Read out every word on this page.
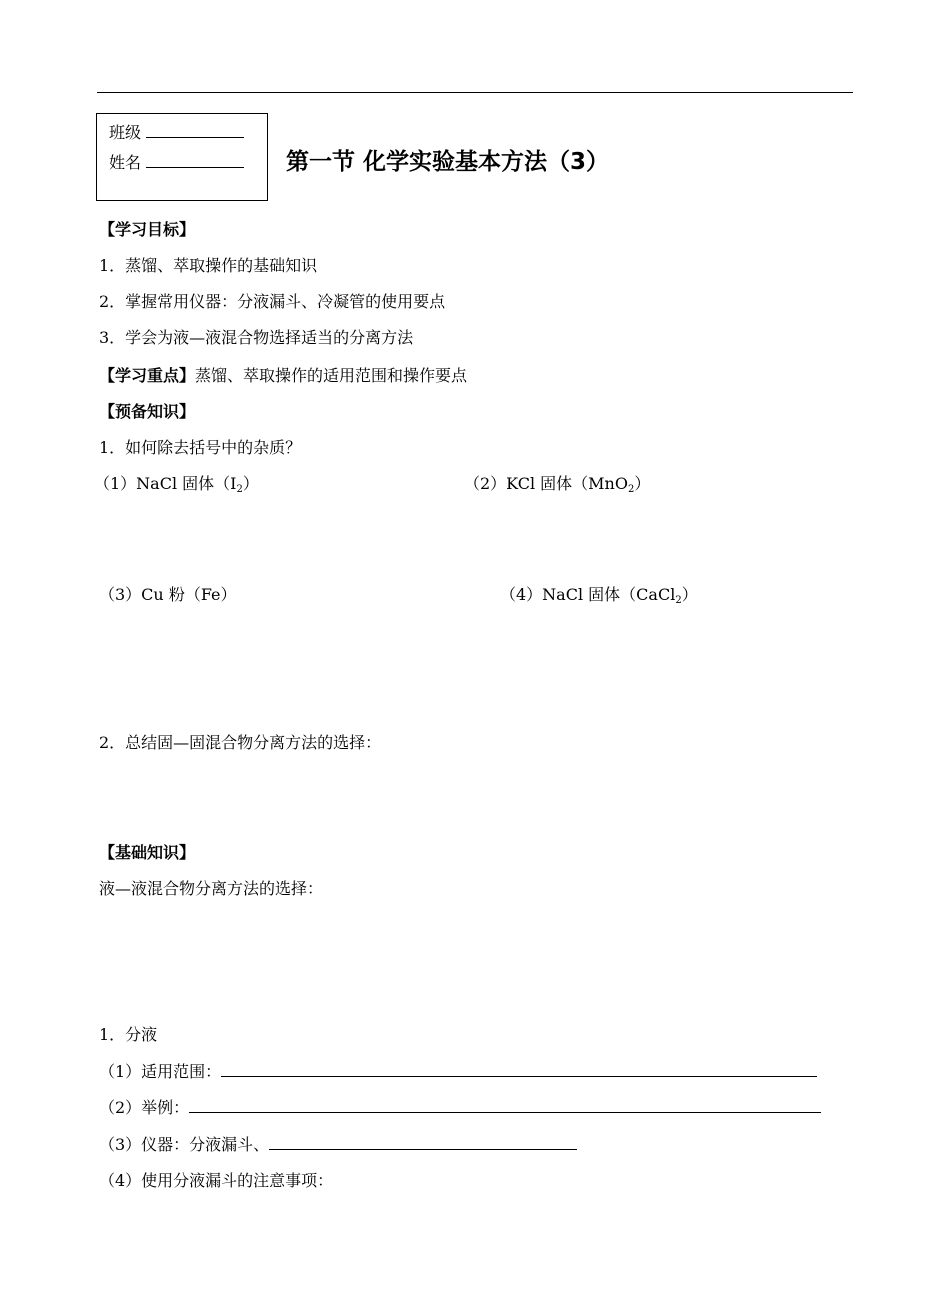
班级
姓名	第一节 化学实验基本方法（3）
【学习目标】
1．蒸馏、萃取操作的基础知识
2．掌握常用仪器：分液漏斗、冷凝管的使用要点
3．学会为液—液混合物选择适当的分离方法
【学习重点】蒸馏、萃取操作的适用范围和操作要点
【预备知识】
1．如何除去括号中的杂质？
（1）NaCl 固体$(I_2)$	（2）KCl 固体（MnO$_2$）
（3）Cu 粉（Fe）	（4）NaCl 固体（CaCl$_2$）
2．总结固—固混合物分离方法的选择：
【基础知识】
液—液混合物分离方法的选择：
1．分液
（1）适用范围：
（2）举例：
（3）仪器：分液漏斗、
（4）使用分液漏斗的注意事项：
